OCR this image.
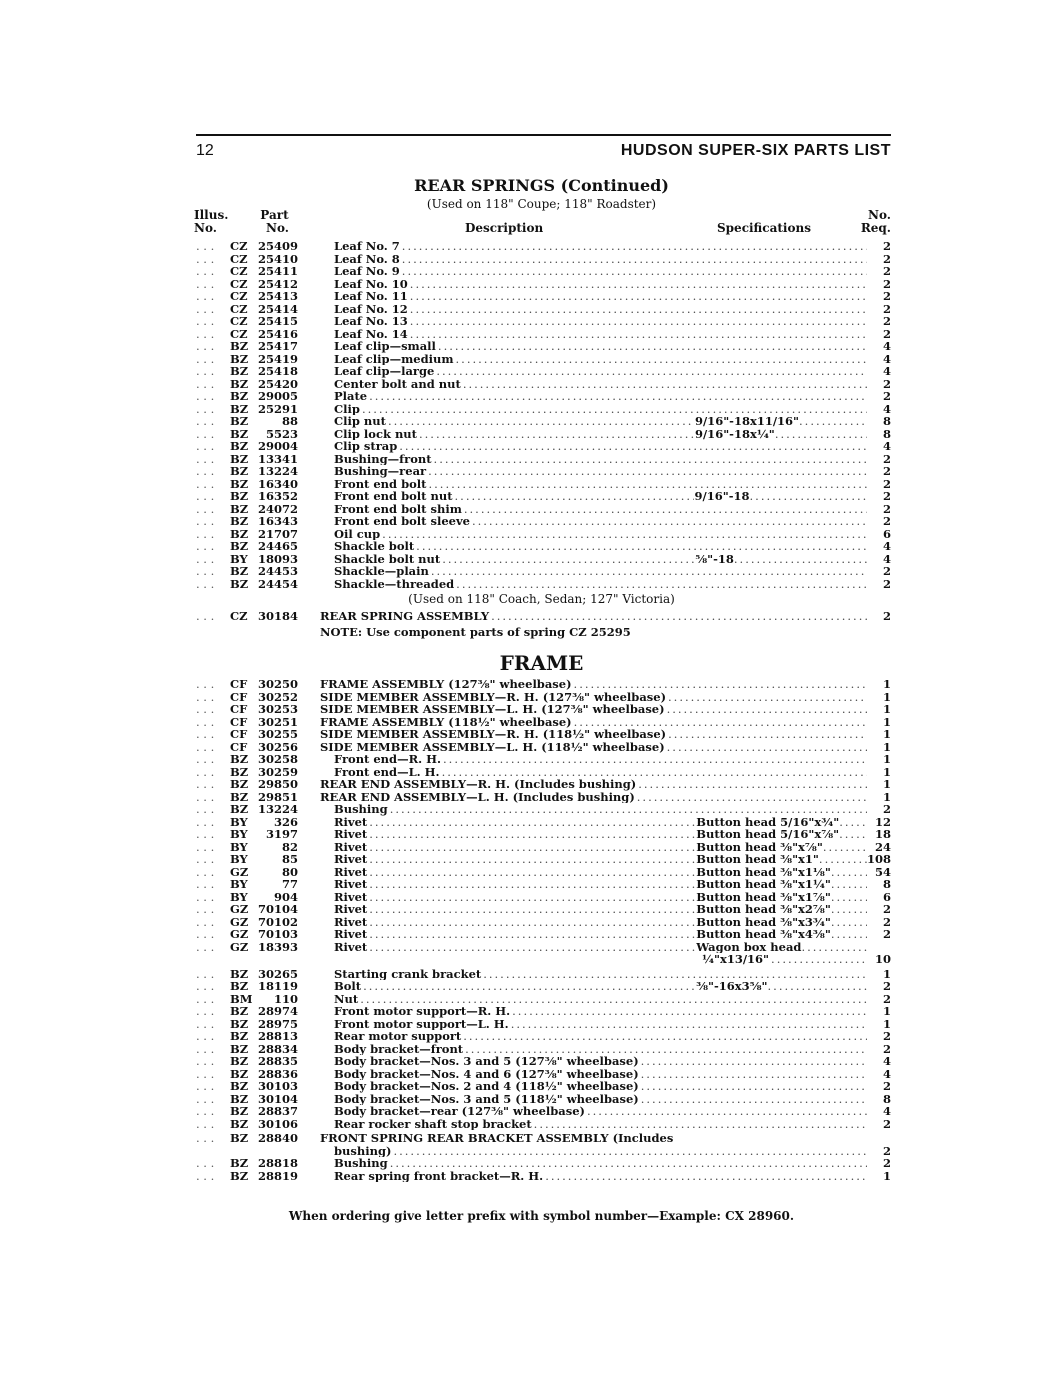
12	HUDSON SUPER-SIX PARTS LIST
REAR SPRINGS (Continued)
(Used on 118" Coupe; 118" Roadster)
Illus.
No.
Part
No.	Description	Specifications
No.
Req.
. . .	CZ 25409	Leaf No. 7 .....	2
. . .	CZ 25410	Leaf No. 8 .....	2
. . .	CZ 25411	Leaf No. 9 .....	2
. . .	CZ 25412	Leaf No. 10 .....	2
. . .	CZ 25413	Leaf No. 11 .....	2
. . .	CZ 25414	Leaf No. 12 .....	2
. . .	CZ 25415	Leaf No. 13 .....	2
. . .	CZ 25416	Leaf No. 14 .....	2
. . .	BZ 25417	Leaf clip—small .....	4
. . .	BZ 25419	Leaf clip—medium .....	4
. . .	BZ 25418	Leaf clip—large .....	4
. . .	BZ 25420	Center bolt and nut .....	2
. . .	BZ 29005	Plate .....	2
. . .	BZ 25291	Clip .....	4
. . .	BZ	88	Clip nut .....	9/16"-18x11/16" .....	8
. . .	BZ	5523	Clip lock nut .....	9/16"-18x¼" .....	8
. . .	BZ 29004	Clip strap .....	4
. . .	BZ 13341	Bushing—front .....	2
. . .	BZ 13224	Bushing—rear .....	2
. . .	BZ 16340	Front end bolt .....	2
. . .	BZ 16352	Front end bolt nut .....	9/16"-18 .....	2
. . .	BZ 24072	Front end bolt shim .....	2
. . .	BZ 16343	Front end bolt sleeve .....	2
. . .	BZ 21707	Oil cup .....	6
. . .	BZ 24465	Shackle bolt .....	4
. . .	BY 18093	Shackle bolt nut .....	⅝"-18 .....	4
. . .	BZ 24453	Shackle—plain .....	2
. . .	BZ 24454	Shackle—threaded .....	2
(Used on 118" Coach, Sedan; 127" Victoria)
. . .	CZ 30184 REAR SPRING ASSEMBLY .....	2
NOTE: Use component parts of spring CZ 25295
FRAME
. . .	CF 30250 FRAME ASSEMBLY (127⅜" wheelbase) .....	1
. . .	CF 30252 SIDE MEMBER ASSEMBLY—R. H. (127⅜" wheelbase) .....	1
. . .	CF 30253 SIDE MEMBER ASSEMBLY—L. H. (127⅜" wheelbase) .....	1
. . .	CF 30251 FRAME ASSEMBLY (118½" wheelbase) .....	1
. . .	CF 30255 SIDE MEMBER ASSEMBLY—R. H. (118½" wheelbase) .....	1
. . .	CF 30256 SIDE MEMBER ASSEMBLY—L. H. (118½" wheelbase) .....	1
. . .	BZ 30258	Front end—R. H. .....	1
. . .	BZ 30259	Front end—L. H. .....	1
. . .	BZ 29850 REAR END ASSEMBLY—R. H. (Includes bushing) .....	1
. . .	BZ 29851 REAR END ASSEMBLY—L. H. (Includes bushing) .....	1
. . .	BZ 13224	Bushing .....	2
. . .	BY	326	Rivet .....	Button head 5/16"x¾" .....	12
. . .	BY	3197	Rivet .....	Button head 5/16"x⅞" .....	18
. . .	BY	82	Rivet .....	Button head ⅜"x⅞" .....	24
. . .	BY	85	Rivet .....	Button head ⅜"x1" .....	108
. . .	GZ	80	Rivet .....	Button head ⅜"x1⅛" .....	54
. . .	BY	77	Rivet .....	Button head ⅜"x1¼" .....	8
. . .	BY	904	Rivet .....	Button head ⅜"x1⅞" .....	6
. . .	GZ 70104	Rivet .....	Button head ⅜"x2⅞" .....	2
. . .	GZ 70102	Rivet .....	Button head ⅜"x3¾" .....	2
. . .	GZ 70103	Rivet .....	Button head ⅜"x4⅜" .....	2
. . .	GZ 18393	Rivet .....	Wagon box head
.....
¼"x13/16" .....	10
. . .	BZ 30265	Starting crank bracket .....	1
. . .	BZ 18119	Bolt .....	⅜"-16x3⅝" .....	2
. . .	BM	110	Nut .....	2
. . .	BZ 28974	Front motor support—R. H. .....	1
. . .	BZ 28975	Front motor support—L. H. .....	1
. . .	BZ 28813	Rear motor support .....	2
. . .	BZ 28834	Body bracket—front .....	2
. . .	BZ 28835	Body bracket—Nos. 3 and 5 (127⅜" wheelbase) .....	4
. . .	BZ 28836	Body bracket—Nos. 4 and 6 (127⅜" wheelbase) .....	4
. . .	BZ 30103	Body bracket—Nos. 2 and 4 (118½" wheelbase) .....	2
. . .	BZ 30104	Body bracket—Nos. 3 and 5 (118½" wheelbase) .....	8
. . .	BZ 28837	Body bracket—rear (127⅜" wheelbase) .....	4
. . .	BZ 30106	Rear rocker shaft stop bracket .....	2
. . .	BZ 28840 FRONT SPRING REAR BRACKET ASSEMBLY (Includes
bushing) .....	2
. . .	BZ 28818	Bushing .....	2
. . .	BZ 28819	Rear spring front bracket—R. H. .....	1
When ordering give letter prefix with symbol number—Example: CX 28960.
